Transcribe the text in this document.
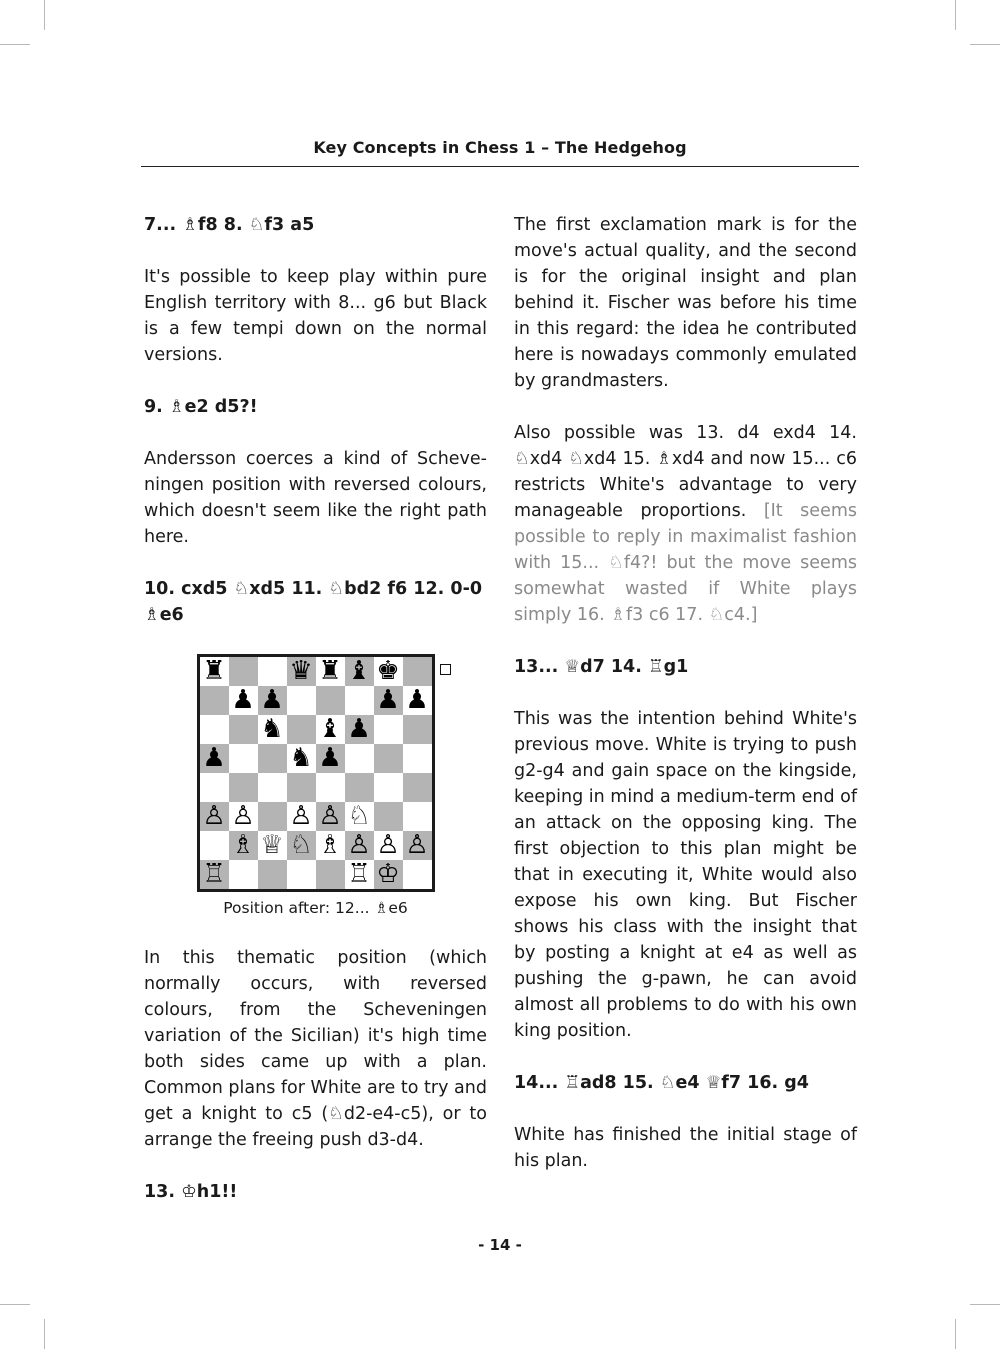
Key Concepts in Chess 1 – The Hedgehog

7... ♗f8 8. ♘f3 a5

It's possible to keep play within pure English territory with 8... g6 but Black is a few tempi down on the normal versions.

9. ♗e2 d5?!

Andersson coerces a kind of Scheveningen position with reversed colours, which doesn't seem like the right path here.

10. cxd5 ♘xd5 11. ♘bd2 f6 12. 0-0 ♗e6

♜ ♛ ♜ ♝ ♚
♟ ♟	♟ ♟
♞ ♝ ♟
♟ ♞ ♟
♙ ♙ ♙ ♙ ♘
♗ ♕ ♘ ♗ ♙ ♙ ♙
♖	♖ ♔
Position after: 12... ♗e6

In this thematic position (which normally occurs, with reversed colours, from the Scheveningen variation of the Sicilian) it's high time both sides came up with a plan. Common plans for White are to try and get a knight to c5 (♘d2-e4-c5), or to arrange the freeing push d3-d4.

13. ♔h1!!

The first exclamation mark is for the move's actual quality, and the second is for the original insight and plan behind it. Fischer was before his time in this regard: the idea he contributed here is nowadays commonly emulated by grandmasters.

Also possible was 13. d4 exd4 14. ♘xd4 ♘xd4 15. ♗xd4 and now 15... c6 restricts White's advantage to very manageable proportions. [It seems possible to reply in maximalist fashion with 15... ♘f4?! but the move seems somewhat wasted if White plays simply 16. ♗f3 c6 17. ♘c4.]

13... ♕d7 14. ♖g1

This was the intention behind White's previous move. White is trying to push g2-g4 and gain space on the kingside, keeping in mind a medium-term end of an attack on the opposing king. The first objection to this plan might be that in executing it, White would also expose his own king. But Fischer shows his class with the insight that by posting a knight at e4 as well as pushing the g-pawn, he can avoid almost all problems to do with his own king position.

14... ♖ad8 15. ♘e4 ♕f7 16. g4

White has finished the initial stage of his plan.

- 14 -
